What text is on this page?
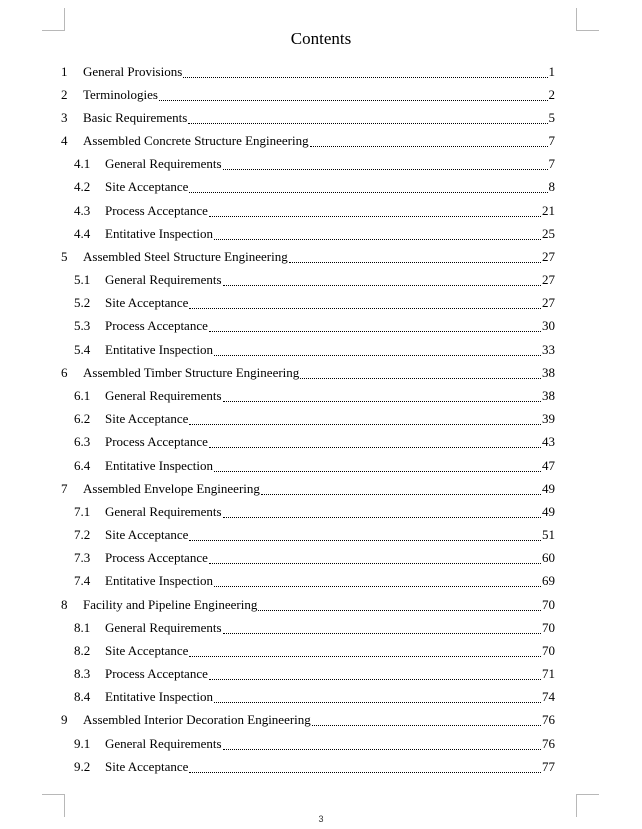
Contents
1	General Provisions	1
2	Terminologies	2
3	Basic Requirements	5
4	Assembled Concrete Structure Engineering	7
4.1	General Requirements	7
4.2	Site Acceptance	8
4.3	Process Acceptance	21
4.4	Entitative Inspection	25
5	Assembled Steel Structure Engineering	27
5.1	General Requirements	27
5.2	Site Acceptance	27
5.3	Process Acceptance	30
5.4	Entitative Inspection	33
6	Assembled Timber Structure Engineering	38
6.1	General Requirements	38
6.2	Site Acceptance	39
6.3	Process Acceptance	43
6.4	Entitative Inspection	47
7	Assembled Envelope Engineering	49
7.1	General Requirements	49
7.2	Site Acceptance	51
7.3	Process Acceptance	60
7.4	Entitative Inspection	69
8	Facility and Pipeline Engineering	70
8.1	General Requirements	70
8.2	Site Acceptance	70
8.3	Process Acceptance	71
8.4	Entitative Inspection	74
9	Assembled Interior Decoration Engineering	76
9.1	General Requirements	76
9.2	Site Acceptance	77
3
